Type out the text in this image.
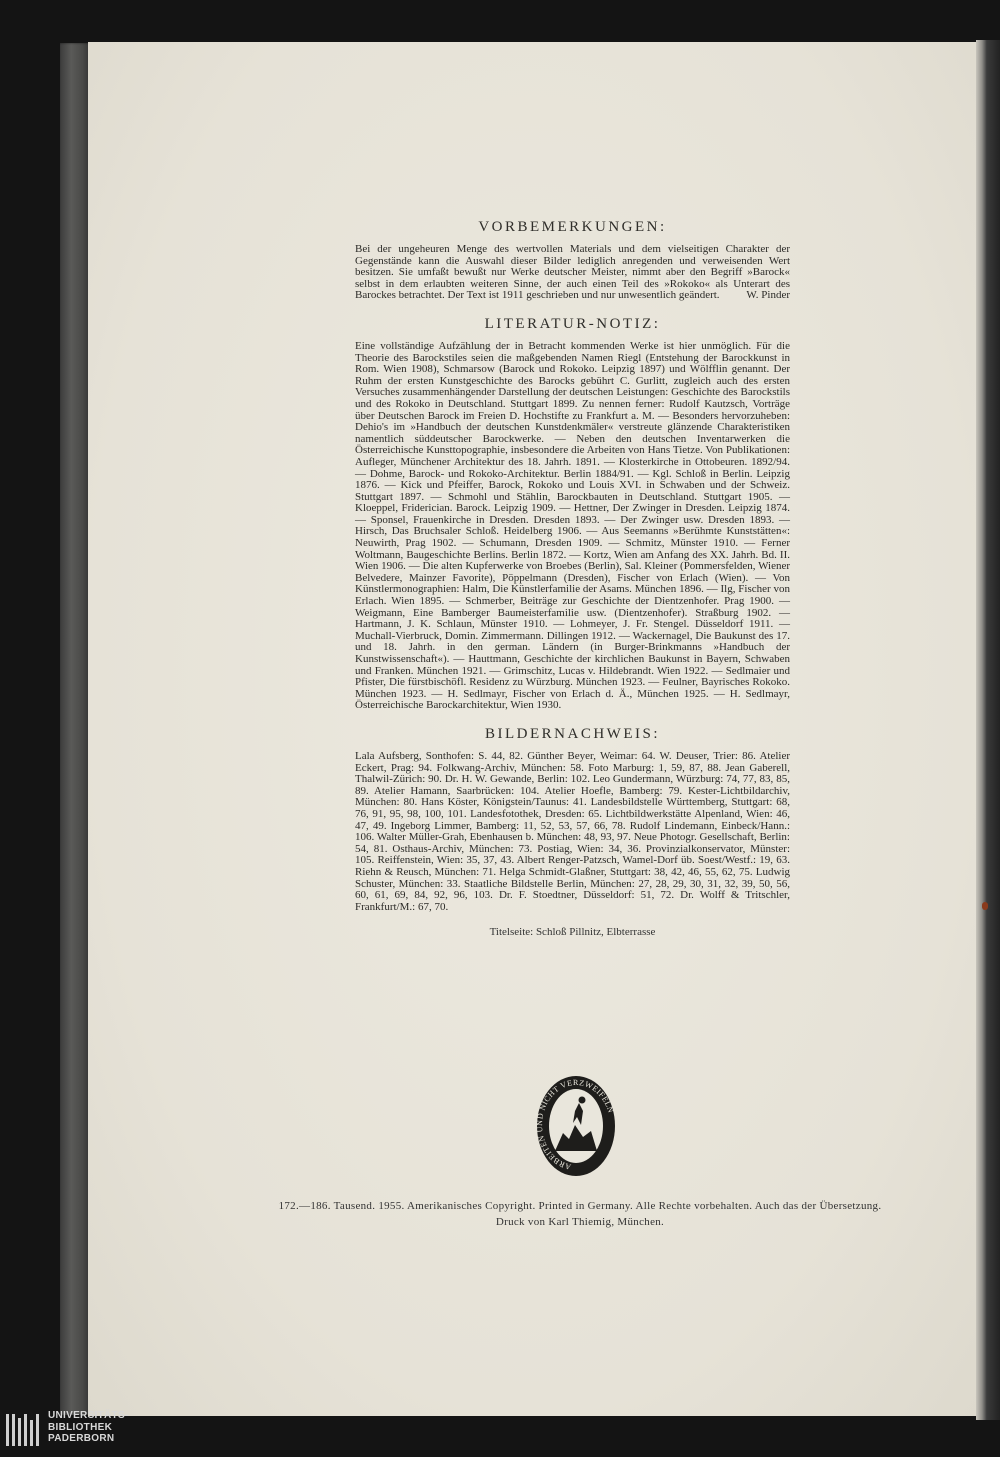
VORBEMERKUNGEN:

Bei der ungeheuren Menge des wertvollen Materials und dem vielseitigen Charakter der Gegenstände kann die Auswahl dieser Bilder lediglich anregenden und verweisenden Wert besitzen. Sie umfaßt bewußt nur Werke deutscher Meister, nimmt aber den Begriff »Barock« selbst in dem erlaubten weiteren Sinne, der auch einen Teil des »Rokoko« als Unterart des Barockes betrachtet. Der Text ist 1911 geschrieben und nur unwesentlich geändert.	W. Pinder
LITERATUR-NOTIZ:

Eine vollständige Aufzählung der in Betracht kommenden Werke ist hier unmöglich. Für die Theorie des Barockstiles seien die maßgebenden Namen Riegl (Entstehung der Barockkunst in Rom. Wien 1908), Schmarsow (Barock und Rokoko. Leipzig 1897) und Wölfflin genannt. Der Ruhm der ersten Kunstgeschichte des Barocks gebührt C. Gurlitt, zugleich auch des ersten Versuches zusammenhängender Darstellung der deutschen Leistungen: Geschichte des Barockstils und des Rokoko in Deutschland. Stuttgart 1899. Zu nennen ferner: Rudolf Kautzsch, Vorträge über Deutschen Barock im Freien D. Hochstifte zu Frankfurt a. M. — Besonders hervorzuheben: Dehio's im »Handbuch der deutschen Kunstdenkmäler« verstreute glänzende Charakteristiken namentlich süddeutscher Barockwerke. — Neben den deutschen Inventarwerken die Österreichische Kunsttopographie, insbesondere die Arbeiten von Hans Tietze. Von Publikationen: Aufleger, Münchener Architektur des 18. Jahrh. 1891. — Klosterkirche in Ottobeuren. 1892/94. — Dohme, Barock- und Rokoko-Architektur. Berlin 1884/91. — Kgl. Schloß in Berlin. Leipzig 1876. — Kick und Pfeiffer, Barock, Rokoko und Louis XVI. in Schwaben und der Schweiz. Stuttgart 1897. — Schmohl und Stählin, Barockbauten in Deutschland. Stuttgart 1905. — Kloeppel, Friderician. Barock. Leipzig 1909. — Hettner, Der Zwinger in Dresden. Leipzig 1874. — Sponsel, Frauenkirche in Dresden. Dresden 1893. — Der Zwinger usw. Dresden 1893. — Hirsch, Das Bruchsaler Schloß. Heidelberg 1906. — Aus Seemanns »Berühmte Kunststätten«: Neuwirth, Prag 1902. — Schumann, Dresden 1909. — Schmitz, Münster 1910. — Ferner Woltmann, Baugeschichte Berlins. Berlin 1872. — Kortz, Wien am Anfang des XX. Jahrh. Bd. II. Wien 1906. — Die alten Kupferwerke von Broebes (Berlin), Sal. Kleiner (Pommersfelden, Wiener Belvedere, Mainzer Favorite), Pöppelmann (Dresden), Fischer von Erlach (Wien). — Von Künstlermonographien: Halm, Die Künstlerfamilie der Asams. München 1896. — Ilg, Fischer von Erlach. Wien 1895. — Schmerber, Beiträge zur Geschichte der Dientzenhofer. Prag 1900. — Weigmann, Eine Bamberger Baumeisterfamilie usw. (Dientzenhofer). Straßburg 1902. — Hartmann, J. K. Schlaun, Münster 1910. — Lohmeyer, J. Fr. Stengel. Düsseldorf 1911. — Muchall-Vierbruck, Domin. Zimmermann. Dillingen 1912. — Wackernagel, Die Baukunst des 17. und 18. Jahrh. in den german. Ländern (in Burger-Brinkmanns »Handbuch der Kunstwissenschaft«). — Hauttmann, Geschichte der kirchlichen Baukunst in Bayern, Schwaben und Franken. München 1921. — Grimschitz, Lucas v. Hildebrandt. Wien 1922. — Sedlmaier und Pfister, Die fürstbischöfl. Residenz zu Würzburg. München 1923. — Feulner, Bayrisches Rokoko. München 1923. — H. Sedlmayr, Fischer von Erlach d. Ä., München 1925. — H. Sedlmayr, Österreichische Barockarchitektur, Wien 1930.

BILDERNACHWEIS:

Lala Aufsberg, Sonthofen: S. 44, 82. Günther Beyer, Weimar: 64. W. Deuser, Trier: 86. Atelier Eckert, Prag: 94. Folkwang-Archiv, München: 58. Foto Marburg: 1, 59, 87, 88. Jean Gaberell, Thalwil-Zürich: 90. Dr. H. W. Gewande, Berlin: 102. Leo Gundermann, Würzburg: 74, 77, 83, 85, 89. Atelier Hamann, Saarbrücken: 104. Atelier Hoefle, Bamberg: 79. Kester-Lichtbildarchiv, München: 80. Hans Köster, Königstein/Taunus: 41. Landesbildstelle Württemberg, Stuttgart: 68, 76, 91, 95, 98, 100, 101. Landesfotothek, Dresden: 65. Lichtbildwerkstätte Alpenland, Wien: 46, 47, 49. Ingeborg Limmer, Bamberg: 11, 52, 53, 57, 66, 78. Rudolf Lindemann, Einbeck/Hann.: 106. Walter Müller-Grah, Ebenhausen b. München: 48, 93, 97. Neue Photogr. Gesellschaft, Berlin: 54, 81. Osthaus-Archiv, München: 73. Postiag, Wien: 34, 36. Provinzialkonservator, Münster: 105. Reiffenstein, Wien: 35, 37, 43. Albert Renger-Patzsch, Wamel-Dorf üb. Soest/Westf.: 19, 63. Riehn & Reusch, München: 71. Helga Schmidt-Glaßner, Stuttgart: 38, 42, 46, 55, 62, 75. Ludwig Schuster, München: 33. Staatliche Bildstelle Berlin, München: 27, 28, 29, 30, 31, 32, 39, 50, 56, 60, 61, 69, 84, 92, 96, 103. Dr. F. Stoedtner, Düsseldorf: 51, 72. Dr. Wolff & Tritschler, Frankfurt/M.: 67, 70.

Titelseite: Schloß Pillnitz, Elbterrasse
ARBEITEN UND NICHT VERZWEIFELN
172.—186. Tausend. 1955. Amerikanisches Copyright. Printed in Germany. Alle Rechte vorbehalten. Auch das der Übersetzung.
Druck von Karl Thiemig, München.
UNIVERSITÄTS-
BIBLIOTHEK
PADERBORN
